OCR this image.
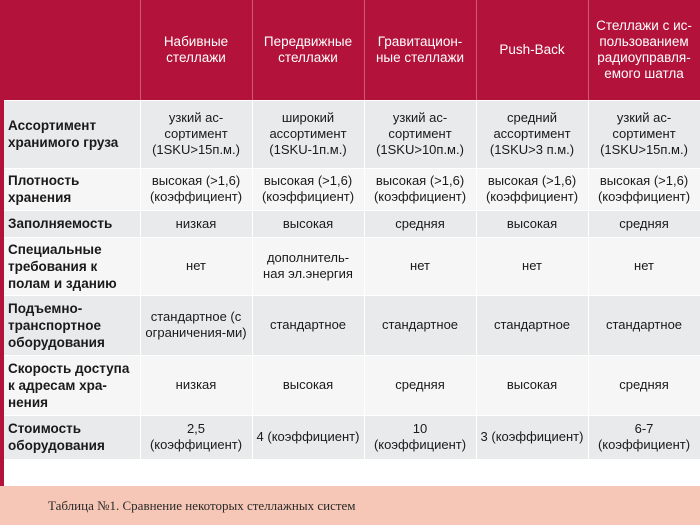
	Набивные стеллажи	Передвижные стеллажи	Гравитацион-ные стеллажи	Push-Back	Стеллажи с ис-пользованием радиоуправля-емого шатла
Ассортимент хранимого груза	узкий ас-сортимент (1SKU>15п.м.)	широкий ассортимент (1SKU-1п.м.)	узкий ас-сортимент (1SKU>10п.м.)	средний ассортимент (1SKU>3 п.м.)	узкий ас-сортимент (1SKU>15п.м.)
Плотность хранения	высокая (>1,6) (коэффициент)	высокая (>1,6) (коэффициент)	высокая (>1,6) (коэффициент)	высокая (>1,6) (коэффициент)	высокая (>1,6) (коэффициент)
Заполняемость	низкая	высокая	средняя	высокая	средняя
Специальные требования к полам и зданию	нет	дополнитель-ная эл.энергия	нет	нет	нет
Подъемно-транспортное оборудования	стандартное (с ограничения-ми)	стандартное	стандартное	стандартное	стандартное
Скорость доступа к адресам хра-нения	низкая	высокая	средняя	высокая	средняя
Стоимость оборудования	2,5 (коэффициент)	4 (коэффициент)	10 (коэффициент)	3 (коэффициент)	6-7 (коэффициент)
Таблица №1. Сравнение некоторых стеллажных систем
